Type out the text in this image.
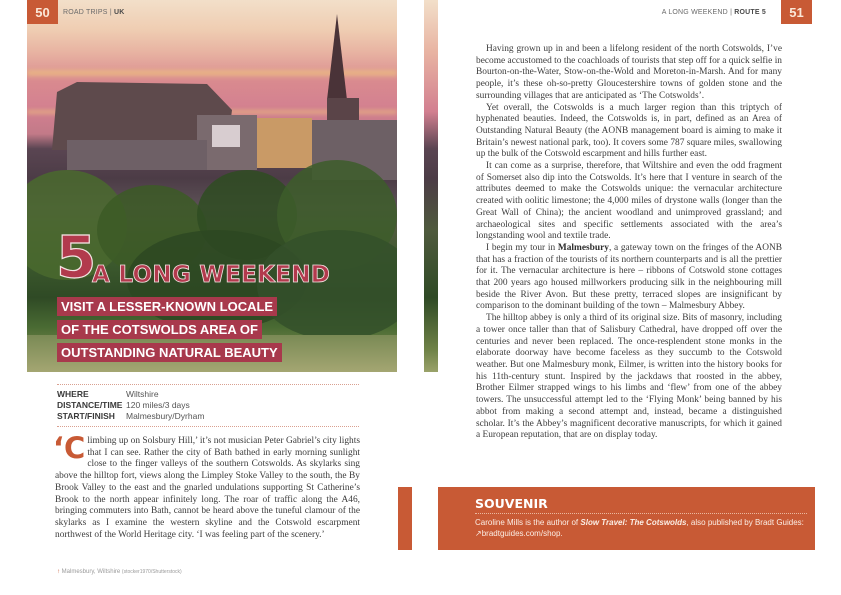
50	ROAD TRIPS | UK
5
A LONG WEEKEND
VISIT A LESSER-KNOWN LOCALE
OF THE COTSWOLDS AREA OF
OUTSTANDING NATURAL BEAUTY
WHERE	Wiltshire
DISTANCE/TIME 120 miles/3 days
START/FINISH	Malmesbury/Dyrham
‘Climbing up on Solsbury Hill,’ it’s not musician Peter Gabriel’s city lights that I can see. Rather the city of Bath bathed in early morning sunlight close to the finger valleys of the southern Cotswolds. As skylarks sing above the hilltop fort, views along the Limpley Stoke Valley to the south, the By Brook Valley to the east and the gnarled undulations supporting St Catherine’s Brook to the north appear infinitely long. The roar of traffic along the A46, bringing commuters into Bath, cannot be heard above the tuneful clamour of the skylarks as I examine the western skyline and the Cotswold escarpment northwest of the World Heritage city. ‘I was feeling part of the scenery.’
↑ Malmesbury, Wiltshire (stocker1970/Shutterstock)
A LONG WEEKEND | ROUTE 5	51

Having grown up in and been a lifelong resident of the north Cotswolds, I’ve become accustomed to the coachloads of tourists that step off for a quick selfie in Bourton-on-the-Water, Stow-on-the-Wold and Moreton-in-Marsh. And for many people, it’s these oh-so-pretty Gloucestershire towns of golden stone and the surrounding villages that are anticipated as ‘The Cotswolds’.

Yet overall, the Cotswolds is a much larger region than this triptych of hyphenated beauties. Indeed, the Cotswolds is, in part, defined as an Area of Outstanding Natural Beauty (the AONB management board is aiming to make it Britain’s newest national park, too). It covers some 787 square miles, swallowing up the bulk of the Cotswold escarpment and hills further east.

It can come as a surprise, therefore, that Wiltshire and even the odd fragment of Somerset also dip into the Cotswolds. It’s here that I venture in search of the attributes deemed to make the Cotswolds unique: the vernacular architecture created with oolitic limestone; the 4,000 miles of drystone walls (longer than the Great Wall of China); the ancient woodland and unimproved grassland; and archaeological sites and specific settlements associated with the area’s longstanding wool and textile trade.

I begin my tour in Malmesbury, a gateway town on the fringes of the AONB that has a fraction of the tourists of its northern counterparts and is all the prettier for it. The vernacular architecture is here – ribbons of Cotswold stone cottages that 200 years ago housed millworkers producing silk in the neighbouring mill beside the River Avon. But these pretty, terraced slopes are insignificant by comparison to the dominant building of the town – Malmesbury Abbey.

The hilltop abbey is only a third of its original size. Bits of masonry, including a tower once taller than that of Salisbury Cathedral, have dropped off over the centuries and never been replaced. The once-resplendent stone monks in the elaborate doorway have become faceless as they succumb to the Cotswold weather. But one Malmesbury monk, Eilmer, is written into the history books for his 11th-century stunt. Inspired by the jackdaws that roosted in the abbey, Brother Eilmer strapped wings to his limbs and ‘flew’ from one of the abbey towers. The unsuccessful attempt led to the ‘Flying Monk’ being banned by his abbot from making a second attempt and, instead, became a distinguished scholar. It’s the Abbey’s magnificent decorative manuscripts, for which it gained a European reputation, that are on display today.

SOUVENIR
Caroline Mills is the author of Slow Travel: The Cotswolds, also published by Bradt Guides:
↗bradtguides.com/shop.
